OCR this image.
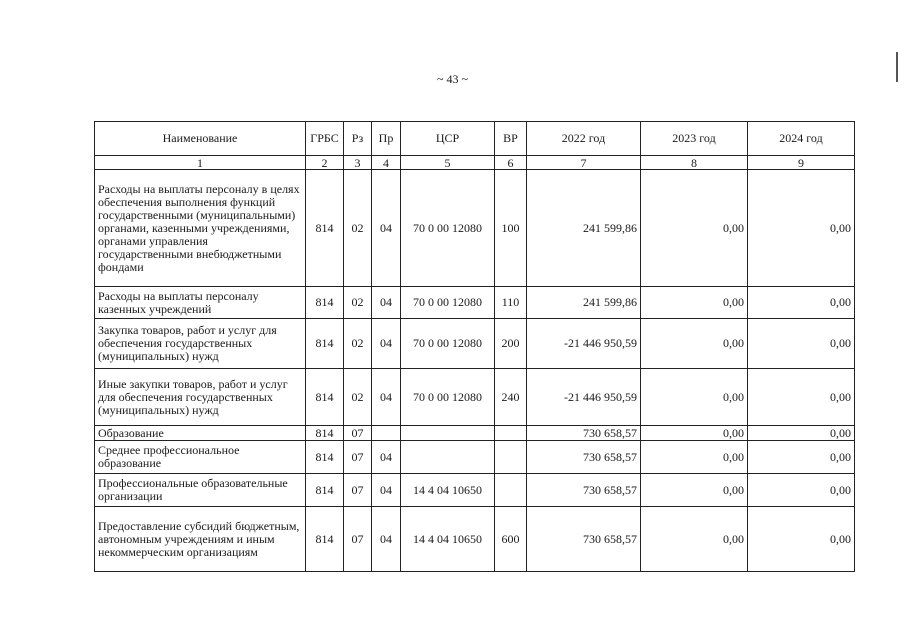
~ 43 ~
Наименование	ГРБС	Рз	Пр	ЦСР	ВР	2022 год	2023 год	2024 год
1	2	3	4	5	6	7	8	9
Расходы на выплаты персоналу в целях обеспечения выполнения функций государственными (муниципальными) органами, казенными учреждениями, органами управления государственными внебюджетными фондами	814	02	04	70 0 00 12080	100	241 599,86	0,00	0,00
Расходы на выплаты персоналу казенных учреждений	814	02	04	70 0 00 12080	110	241 599,86	0,00	0,00
Закупка товаров, работ и услуг для обеспечения государственных (муниципальных) нужд	814	02	04	70 0 00 12080	200	-21 446 950,59	0,00	0,00
Иные закупки товаров, работ и услуг для обеспечения государственных (муниципальных) нужд	814	02	04	70 0 00 12080	240	-21 446 950,59	0,00	0,00
Образование	814	07				730 658,57	0,00	0,00
Среднее профессиональное образование	814	07	04			730 658,57	0,00	0,00
Профессиональные образовательные организации	814	07	04	14 4 04 10650		730 658,57	0,00	0,00
Предоставление субсидий бюджетным, автономным учреждениям и иным некоммерческим организациям	814	07	04	14 4 04 10650	600	730 658,57	0,00	0,00
